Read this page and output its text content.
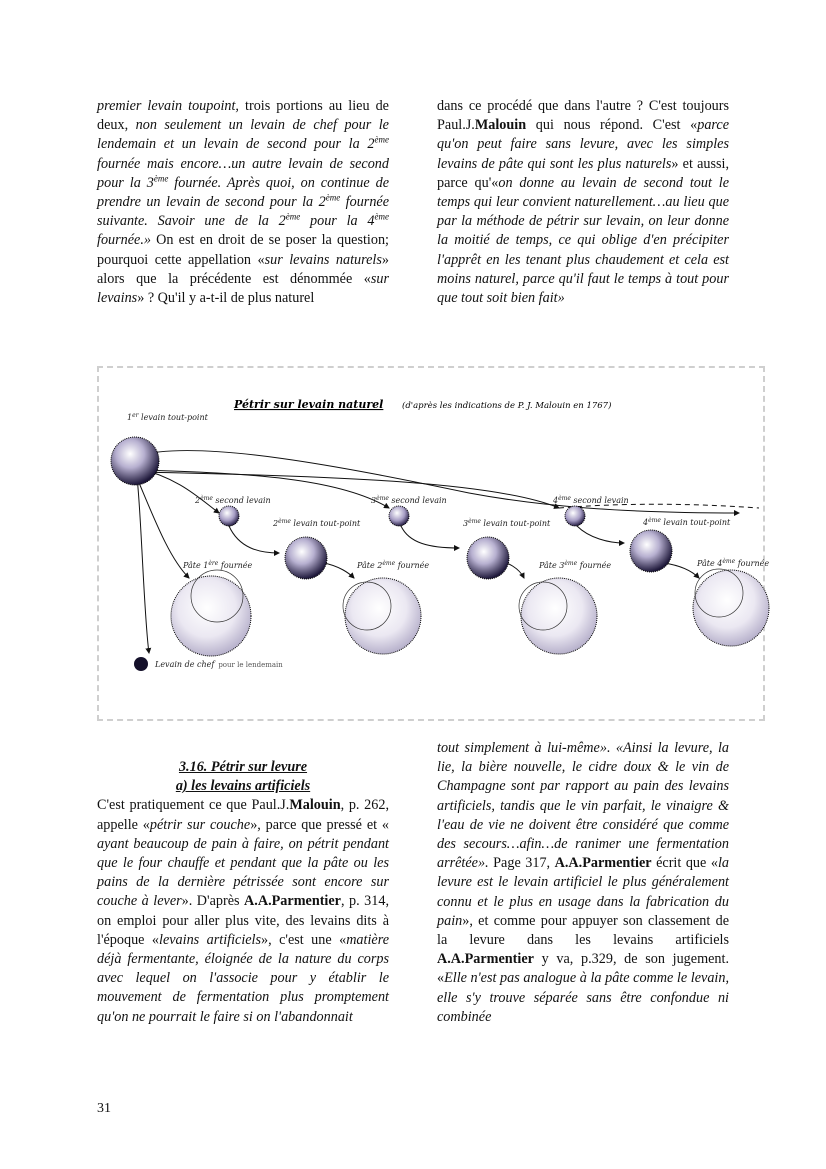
premier levain toupoint, trois portions au lieu de deux, non seulement un levain de chef pour le lendemain et un levain de second pour la 2ème fournée mais encore…un autre levain de second pour la 3ème fournée. Après quoi, on continue de prendre un levain de second pour la 2ème fournée suivante. Savoir une de la 2ème pour la 4ème fournée.» On est en droit de se poser la question; pourquoi cette appellation «sur levains naturels» alors que la précédente est dénommée «sur levains» ? Qu'il y a-t-il de plus naturel

dans ce procédé que dans l'autre ? C'est toujours Paul.J.Malouin qui nous répond. C'est «parce qu'on peut faire sans levure, avec les simples levains de pâte qui sont les plus naturels» et aussi, parce qu'«on donne au levain de second tout le temps qui leur convient naturellement…au lieu que par la méthode de pétrir sur levain, on leur donne la moitié de temps, ce qui oblige d'en précipiter l'apprêt en les tenant plus chaudement et cela est moins naturel, parce qu'il faut le temps à tout pour que tout soit bien fait»

Pétrir sur levain naturel (d'après les indications de P. J. Malouin en 1767)
1er levain tout-point
2ème second levain	3ème second levain	4ème second levain
2ème levain tout-point	3ème levain tout-point	4ème levain tout-point
Pâte 1ère fournée	Pâte 2ème fournée	Pâte 3ème fournée	Pâte 4ème fournée
Levain de chef pour le lendemain

3.16. Pétrir sur levure

a) les levains artificiels

C'est pratiquement ce que Paul.J.Malouin, p. 262, appelle «pétrir sur couche», parce que pressé et « ayant beaucoup de pain à faire, on pétrit pendant que le four chauffe et pendant que la pâte ou les pains de la dernière pétrissée sont encore sur couche à lever». D'après A.A.Parmentier, p. 314, on emploi pour aller plus vite, des levains dits à l'époque «levains artificiels», c'est une «matière déjà fermentante, éloignée de la nature du corps avec lequel on l'associe pour y établir le mouvement de fermentation plus promptement qu'on ne pourrait le faire si on l'abandonnait

tout simplement à lui-même». «Ainsi la levure, la lie, la bière nouvelle, le cidre doux & le vin de Champagne sont par rapport au pain des levains artificiels, tandis que le vin parfait, le vinaigre & l'eau de vie ne doivent être considéré que comme des secours…afin…de ranimer une fermentation arrêtée». Page 317, A.A.Parmentier écrit que «la levure est le levain artificiel le plus généralement connu et le plus en usage dans la fabrication du pain», et comme pour appuyer son classement de la levure dans les levains artificiels A.A.Parmentier y va, p.329, de son jugement. «Elle n'est pas analogue à la pâte comme le levain, elle s'y trouve séparée sans être confondue ni combinée

31
